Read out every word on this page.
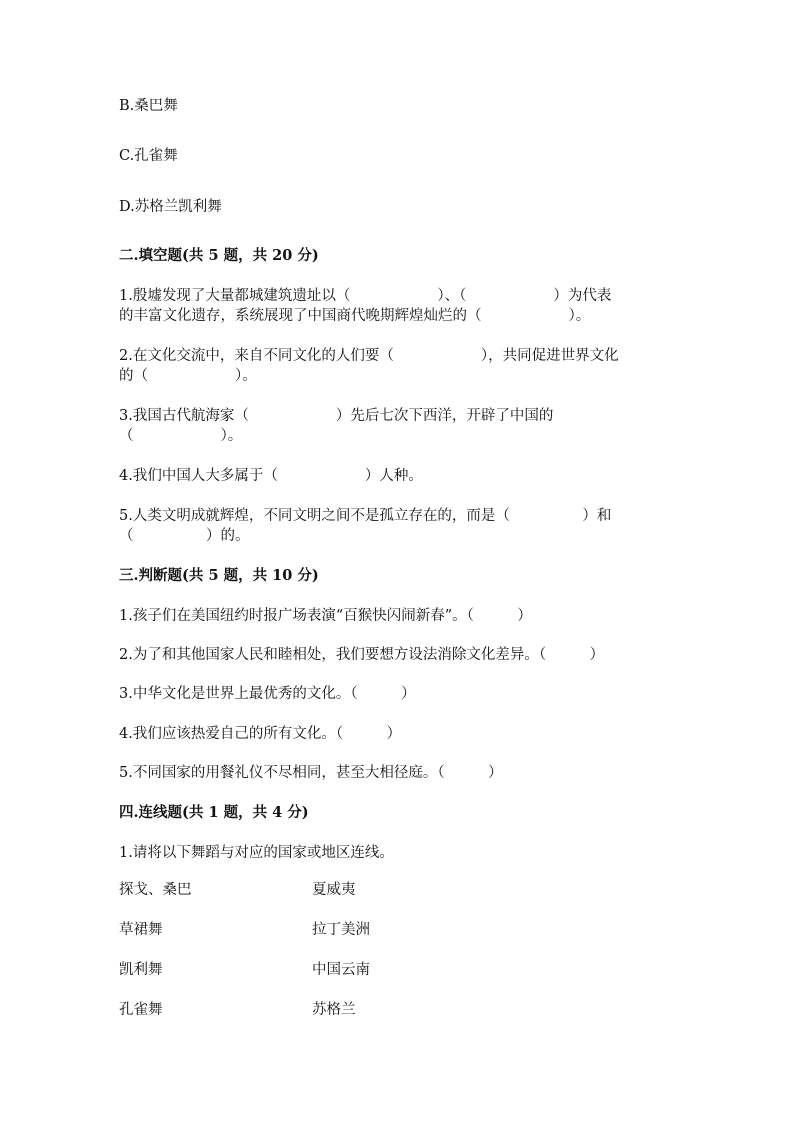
B.桑巴舞
C.孔雀舞
D.苏格兰凯利舞
二.填空题(共 5 题，共 20 分)
1.殷墟发现了大量都城建筑遗址以（　　　　　　）、（　　　　　　）为代表
的丰富文化遗存，系统展现了中国商代晚期辉煌灿烂的（　　　　　　）。
2.在文化交流中，来自不同文化的人们要（　　　　　　），共同促进世界文化
的（　　　　　　）。
3.我国古代航海家（　　　　　　）先后七次下西洋，开辟了中国的
（　　　　　　）。
4.我们中国人大多属于（　　　　　　）人种。
5.人类文明成就辉煌，不同文明之间不是孤立存在的，而是（　　　　　）和
（　　　　　）的。
三.判断题(共 5 题，共 10 分)
1.孩子们在美国纽约时报广场表演“百猴快闪闹新春”。（　　　）
2.为了和其他国家人民和睦相处，我们要想方设法消除文化差异。（　　　）
3.中华文化是世界上最优秀的文化。（　　　）
4.我们应该热爱自己的所有文化。（　　　）
5.不同国家的用餐礼仪不尽相同，甚至大相径庭。（　　　）
四.连线题(共 1 题，共 4 分)
1.请将以下舞蹈与对应的国家或地区连线。
探戈、桑巴	夏威夷
草裙舞	拉丁美洲
凯利舞	中国云南
孔雀舞	苏格兰
